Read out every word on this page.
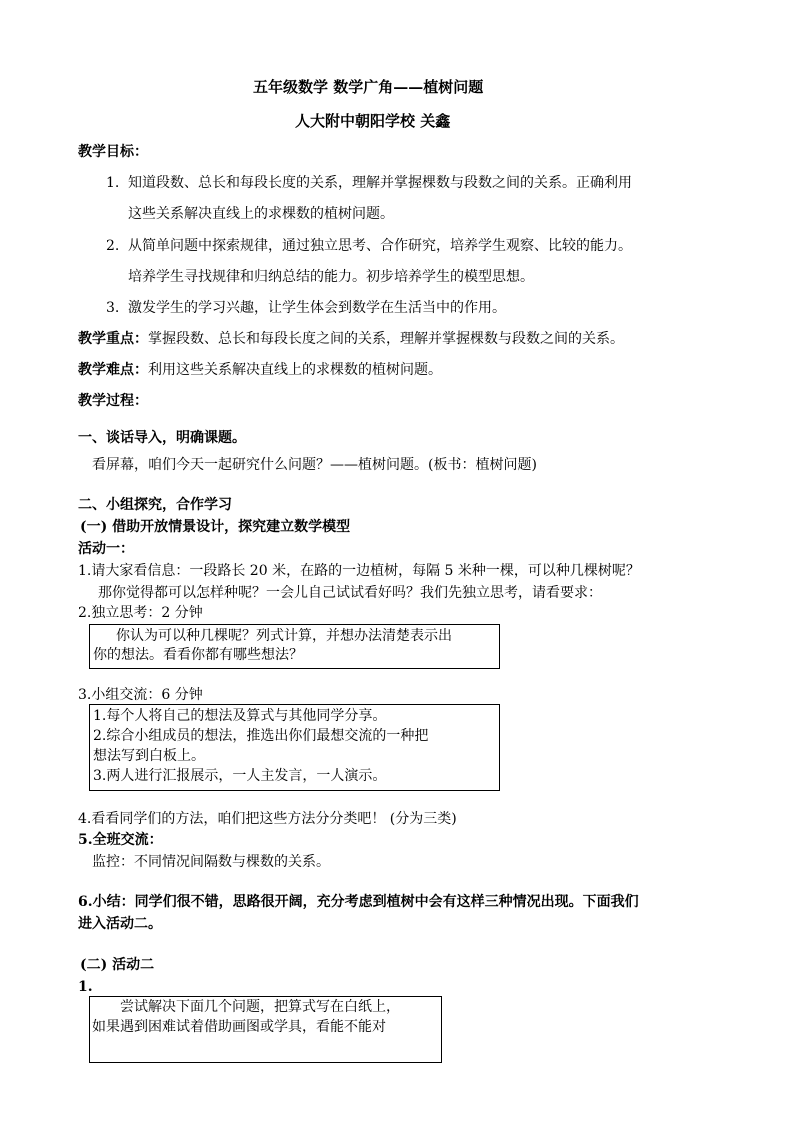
五年级数学 数学广角——植树问题
人大附中朝阳学校 关鑫
教学目标：
1. 知道段数、总长和每段长度的关系，理解并掌握棵数与段数之间的关系。正确利用
这些关系解决直线上的求棵数的植树问题。
2. 从简单问题中探索规律，通过独立思考、合作研究，培养学生观察、比较的能力。
培养学生寻找规律和归纳总结的能力。初步培养学生的模型思想。
3. 激发学生的学习兴趣，让学生体会到数学在生活当中的作用。
教学重点：掌握段数、总长和每段长度之间的关系，理解并掌握棵数与段数之间的关系。
教学难点：利用这些关系解决直线上的求棵数的植树问题。
教学过程：
一、谈话导入，明确课题。
看屏幕，咱们今天一起研究什么问题？——植树问题。(板书：植树问题)
二、小组探究，合作学习
(一) 借助开放情景设计，探究建立数学模型
活动一：
1.请大家看信息：一段路长 20 米，在路的一边植树，每隔 5 米种一棵，可以种几棵树呢？
那你觉得都可以怎样种呢？一会儿自己试试看好吗？我们先独立思考，请看要求：
2.独立思考：2 分钟
你认为可以种几棵呢？列式计算，并想办法清楚表示出
你的想法。看看你都有哪些想法？
3.小组交流：6 分钟
1.每个人将自己的想法及算式与其他同学分享。
2.综合小组成员的想法，推选出你们最想交流的一种把
想法写到白板上。
3.两人进行汇报展示，一人主发言，一人演示。
4.看看同学们的方法，咱们把这些方法分分类吧！ (分为三类)
5.全班交流：
监控：不同情况间隔数与棵数的关系。
6.小结：同学们很不错，思路很开阔，充分考虑到植树中会有这样三种情况出现。下面我们
进入活动二。
(二) 活动二
1.
尝试解决下面几个问题，把算式写在白纸上，
如果遇到困难试着借助画图或学具，看能不能对
